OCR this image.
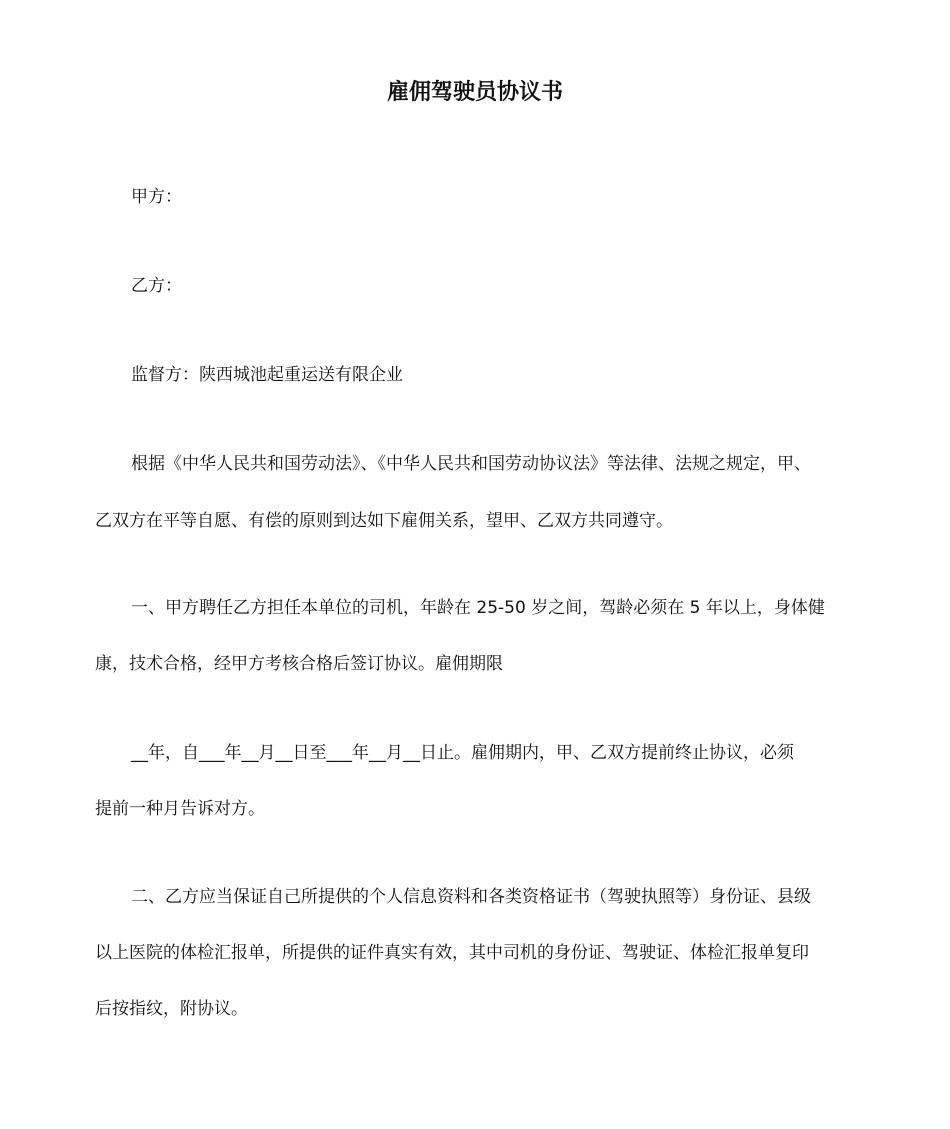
雇佣驾驶员协议书

甲方：

乙方：

监督方：陕西城池起重运送有限企业

根据《中华人民共和国劳动法》、《中华人民共和国劳动协议法》等法律、法规之规定，甲、

乙双方在平等自愿、有偿的原则到达如下雇佣关系，望甲、乙双方共同遵守。

一、甲方聘任乙方担任本单位的司机，年龄在 25-50 岁之间，驾龄必须在 5 年以上，身体健

康，技术合格，经甲方考核合格后签订协议。雇佣期限

__年，自___年__月__日至___年__月__日止。雇佣期内，甲、乙双方提前终止协议，必须

提前一种月告诉对方。

二、乙方应当保证自己所提供的个人信息资料和各类资格证书（驾驶执照等）身份证、县级

以上医院的体检汇报单，所提供的证件真实有效，其中司机的身份证、驾驶证、体检汇报单复印

后按指纹，附协议。
